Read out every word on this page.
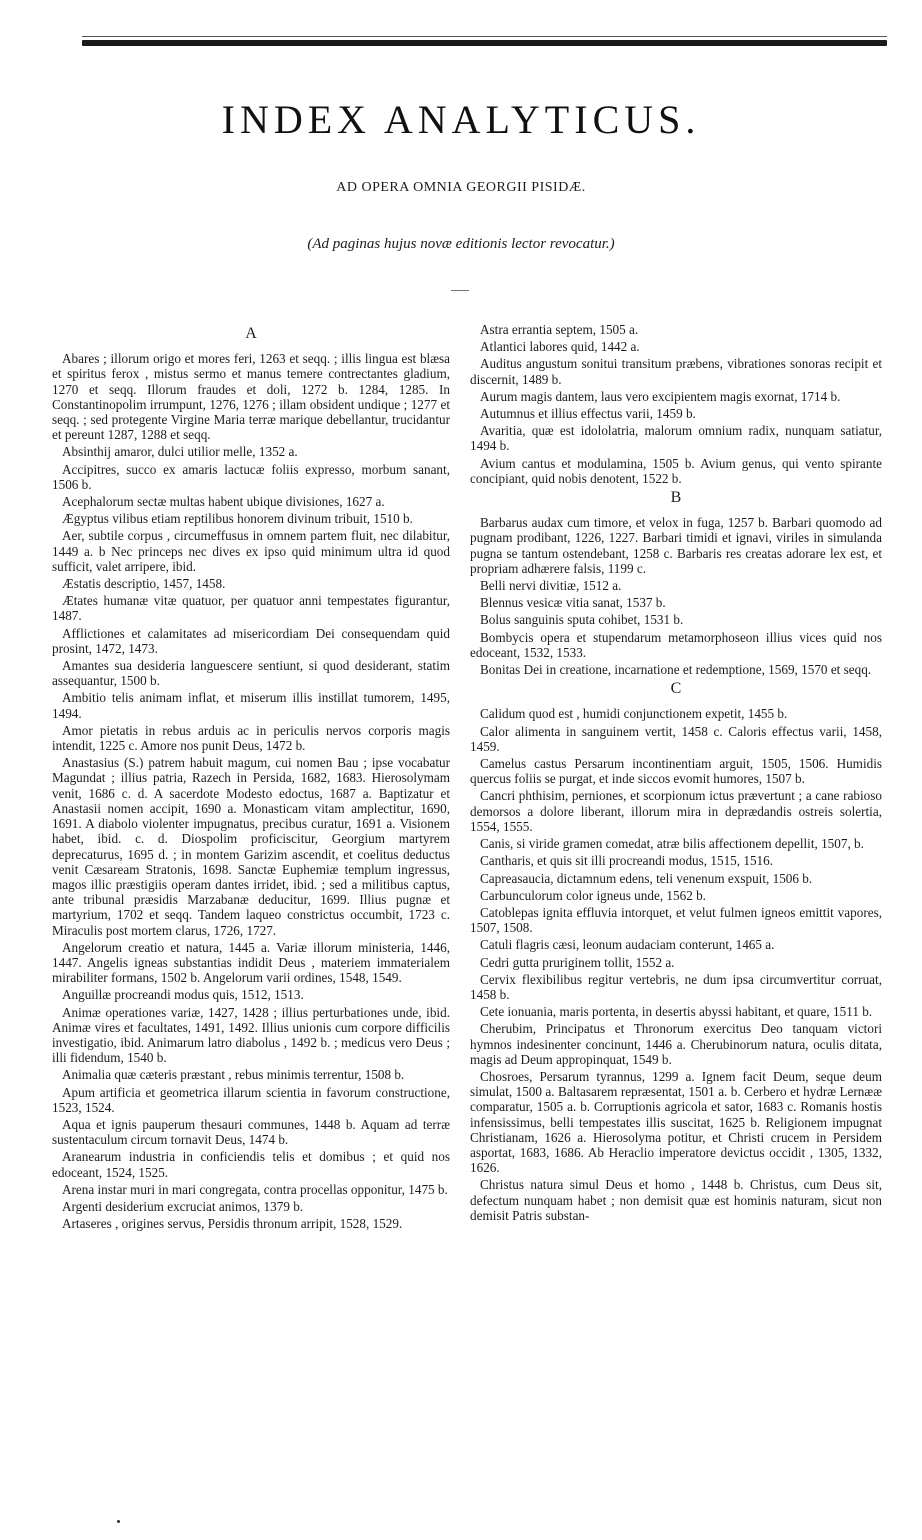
INDEX ANALYTICUS.
AD OPERA OMNIA GEORGII PISIDÆ.
(Ad paginas hujus novæ editionis lector revocatur.)
A

Abares ; illorum origo et mores feri, 1263 et seqq. ; illis lingua est blæsa et spiritus ferox , mistus sermo et manus temere contrectantes gladium, 1270 et seqq. Illorum fraudes et doli, 1272 b. 1284, 1285. In Constantinopolim irrumpunt, 1276, 1276 ; illam obsident undique ; 1277 et seqq. ; sed protegente Virgine Maria terræ marique debellantur, trucidantur et pereunt 1287, 1288 et seqq.

Absinthij amaror, dulci utilior melle, 1352 a.

Accipitres, succo ex amaris lactucæ foliis expresso, morbum sanant, 1506 b.

Acephalorum sectæ multas habent ubique divisiones, 1627 a.

Ægyptus vilibus etiam reptilibus honorem divinum tribuit, 1510 b.

Aer, subtile corpus , circumeffusus in omnem partem fluit, nec dilabitur, 1449 a. b Nec princeps nec dives ex ipso quid minimum ultra id quod sufficit, valet arripere, ibid.

Æstatis descriptio, 1457, 1458.

Ætates humanæ vitæ quatuor, per quatuor anni tempestates figurantur, 1487.

Afflictiones et calamitates ad misericordiam Dei consequendam quid prosint, 1472, 1473.

Amantes sua desideria languescere sentiunt, si quod desiderant, statim assequantur, 1500 b.

Ambitio telis animam inflat, et miserum illis instillat tumorem, 1495, 1494.

Amor pietatis in rebus arduis ac in periculis nervos corporis magis intendit, 1225 c. Amore nos punit Deus, 1472 b.

Anastasius (S.) patrem habuit magum, cui nomen Bau ; ipse vocabatur Magundat ; illius patria, Razech in Persida, 1682, 1683. Hierosolymam venit, 1686 c. d. A sacerdote Modesto edoctus, 1687 a. Baptizatur et Anastasii nomen accipit, 1690 a. Monasticam vitam amplectitur, 1690, 1691. A diabolo violenter impugnatus, precibus curatur, 1691 a. Visionem habet, ibid. c. d. Diospolim proficiscitur, Georgium martyrem deprecaturus, 1695 d. ; in montem Garizim ascendit, et coelitus deductus venit Cæsaream Stratonis, 1698. Sanctæ Euphemiæ templum ingressus, magos illic præstigiis operam dantes irridet, ibid. ; sed a militibus captus, ante tribunal præsidis Marzabanæ deducitur, 1699. Illius pugnæ et martyrium, 1702 et seqq. Tandem laqueo constrictus occumbit, 1723 c. Miraculis post mortem clarus, 1726, 1727.

Angelorum creatio et natura, 1445 a. Variæ illorum ministeria, 1446, 1447. Angelis igneas substantias indidit Deus , materiem immaterialem mirabiliter formans, 1502 b. Angelorum varii ordines, 1548, 1549.

Anguillæ procreandi modus quis, 1512, 1513.

Animæ operationes variæ, 1427, 1428 ; illius perturbationes unde, ibid. Animæ vires et facultates, 1491, 1492. Illius unionis cum corpore difficilis investigatio, ibid. Animarum latro diabolus , 1492 b. ; medicus vero Deus ; illi fidendum, 1540 b.

Animalia quæ cæteris præstant , rebus minimis terrentur, 1508 b.

Apum artificia et geometricа illarum scientia in favorum constructione, 1523, 1524.

Aqua et ignis pauperum thesauri communes, 1448 b. Aquam ad terræ sustentaculum circum tornavit Deus, 1474 b.

Aranearum industria in conficiendis telis et domibus ; et quid nos edoceant, 1524, 1525.

Arena instar muri in mari congregata, contra procellas opponitur, 1475 b.

Argenti desiderium excruciat animos, 1379 b.

Artaseres , origines servus, Persidis thronum arripit, 1528, 1529.

Astra errantia septem, 1505 a.

Atlantici labores quid, 1442 a.

Auditus angustum sonitui transitum præbens, vibrationes sonoras recipit et discernit, 1489 b.

Aurum magis dantem, laus vero excipientem magis exornat, 1714 b.

Autumnus et illius effectus varii, 1459 b.

Avaritia, quæ est idololatria, malorum omnium radix, nunquam satiatur, 1494 b.

Avium cantus et modulamina, 1505 b. Avium genus, qui vento spirante concipiant, quid nobis denotent, 1522 b.

B

Barbarus audax cum timore, et velox in fuga, 1257 b. Barbari quomodo ad pugnam prodibant, 1226, 1227. Barbari timidi et ignavi, viriles in simulanda pugna se tantum ostendebant, 1258 c. Barbaris res creatas adorare lex est, et propriam adhærere falsis, 1199 c.

Belli nervi divitiæ, 1512 a.

Blennus vesicæ vitia sanat, 1537 b.

Bolus sanguinis sputa cohibet, 1531 b.

Bombycis opera et stupendarum metamorphoseon illius vices quid nos edoceant, 1532, 1533.

Bonitas Dei in creatione, incarnatione et redemptione, 1569, 1570 et seqq.

C

Calidum quod est , humidi conjunctionem expetit, 1455 b.

Calor alimenta in sanguinem vertit, 1458 c. Caloris effectus varii, 1458, 1459.

Camelus castus Persarum incontinentiam arguit, 1505, 1506. Humidis quercus foliis se purgat, et inde siccos evomit humores, 1507 b.

Cancri phthisim, perniones, et scorpionum ictus prævertunt ; a cane rabioso demorsos a dolore liberant, illorum mira in deprædandis ostreis solertia, 1554, 1555.

Canis, si viride gramen comedat, atræ bilis affectionem depellit, 1507, b.

Cantharis, et quis sit illi procreandi modus, 1515, 1516.

Capreasaucia, dictamnum edens, teli venenum exspuit, 1506 b.

Carbunculorum color igneus unde, 1562 b.

Catoblepas ignita effluvia intorquet, et velut fulmen igneos emittit vapores, 1507, 1508.

Catuli flagris cæsi, leonum audaciam conterunt, 1465 a.

Cedri gutta pruriginem tollit, 1552 a.

Cervix flexibilibus regitur vertebris, ne dum ipsa circumvertitur corruat, 1458 b.

Cete ionuania, maris portenta, in desertis abyssi habitant, et quare, 1511 b.

Cherubim, Principatus et Thronorum exercitus Deo tanquam victori hymnos indesinenter concinunt, 1446 a. Cherubinorum natura, oculis ditata, magis ad Deum appropinquat, 1549 b.

Chosroes, Persarum tyrannus, 1299 a. Ignem facit Deum, seque deum simulat, 1500 a. Baltasarem repræsentat, 1501 a. b. Cerbero et hydræ Lernææ comparatur, 1505 a. b. Corruptionis agricola et sator, 1683 c. Romanis hostis infensissimus, belli tempestates illis suscitat, 1625 b. Religionem impugnat Christianam, 1626 a. Hierosolyma potitur, et Christi crucem in Persidem asportat, 1683, 1686. Ab Heraclio imperatore devictus occidit , 1305, 1332, 1626.

Christus natura simul Deus et homo , 1448 b. Christus, cum Deus sit, defectum nunquam habet ; non demisit quæ est hominis naturam, sicut non demisit Patris substan-
